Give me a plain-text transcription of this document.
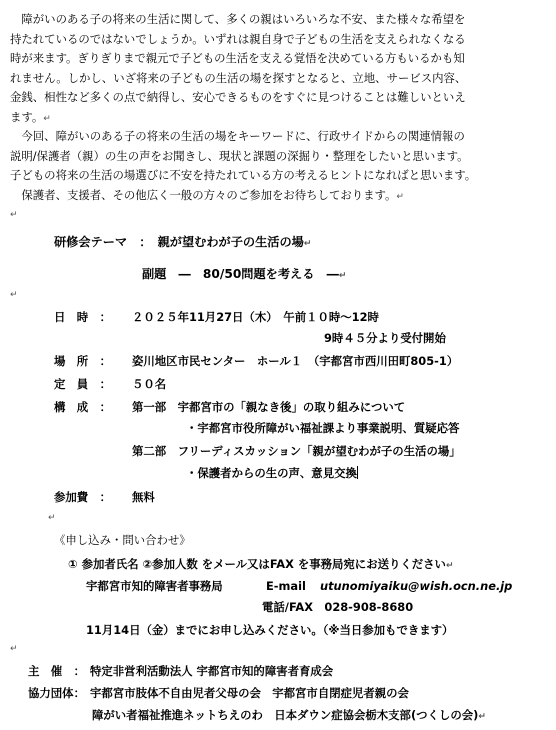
　障がいのある子の将来の生活に関して、多くの親はいろいろな不安、また様々な希望を

持たれているのではないでしょうか。いずれは親自身で子どもの生活を支えられなくなる

時が来ます。ぎりぎりまで親元で子どもの生活を支える覚悟を決めている方もいるかも知

れません。しかし、いざ将来の子どもの生活の場を探すとなると、立地、サービス内容、

金銭、相性など多くの点で納得し、安心できるものをすぐに見つけることは難しいといえ

ます。↵

　今回、障がいのある子の将来の生活の場をキーワードに、行政サイドからの関連情報の

説明/保護者（親）の生の声をお聞きし、現状と課題の深掘り・整理をしたいと思います。

子どもの将来の生活の場選びに不安を持たれている方の考えるヒントになればと思います。

　保護者、支援者、その他広く一般の方々のご参加をお待ちしております。↵

↵
研修会テーマ　：　親が望むわが子の生活の場↵
副題　―　80/50問題を考える　―↵
↵
日　時　： ２０２５年11月27日（木）　午前１０時～12時
9時４５分より受付開始
場　所　： 姿川地区市民センター　ホール１　（宇都宮市西川田町805-1）
定　員　： ５０名
構　成　： 第一部　宇都宮市の「親なき後」の取り組みについて
・宇都宮市役所障がい福祉課より事業説明、質疑応答
第二部　フリーディスカッション「親が望むわが子の生活の場」
・保護者からの生の声、意見交換
参加費　： 無料
↵
《申し込み・問い合わせ》
① 参加者氏名 ②参加人数 をメール又はFAX を事務局宛にお送りください↵
宇都宮市知的障害者事務局	E-mail utunomiyaiku@wish.ocn.ne.jp
電話/FAX　028-908-8680
11月14日（金）までにお申し込みください。（※当日参加もできます）
↵
主　催　： 特定非営利活動法人 宇都宮市知的障害者育成会
協力団体： 宇都宮市肢体不自由児者父母の会　宇都宮市自閉症児者親の会
障がい者福祉推進ネットちえのわ　日本ダウン症協会栃木支部(つくしの会)↵
